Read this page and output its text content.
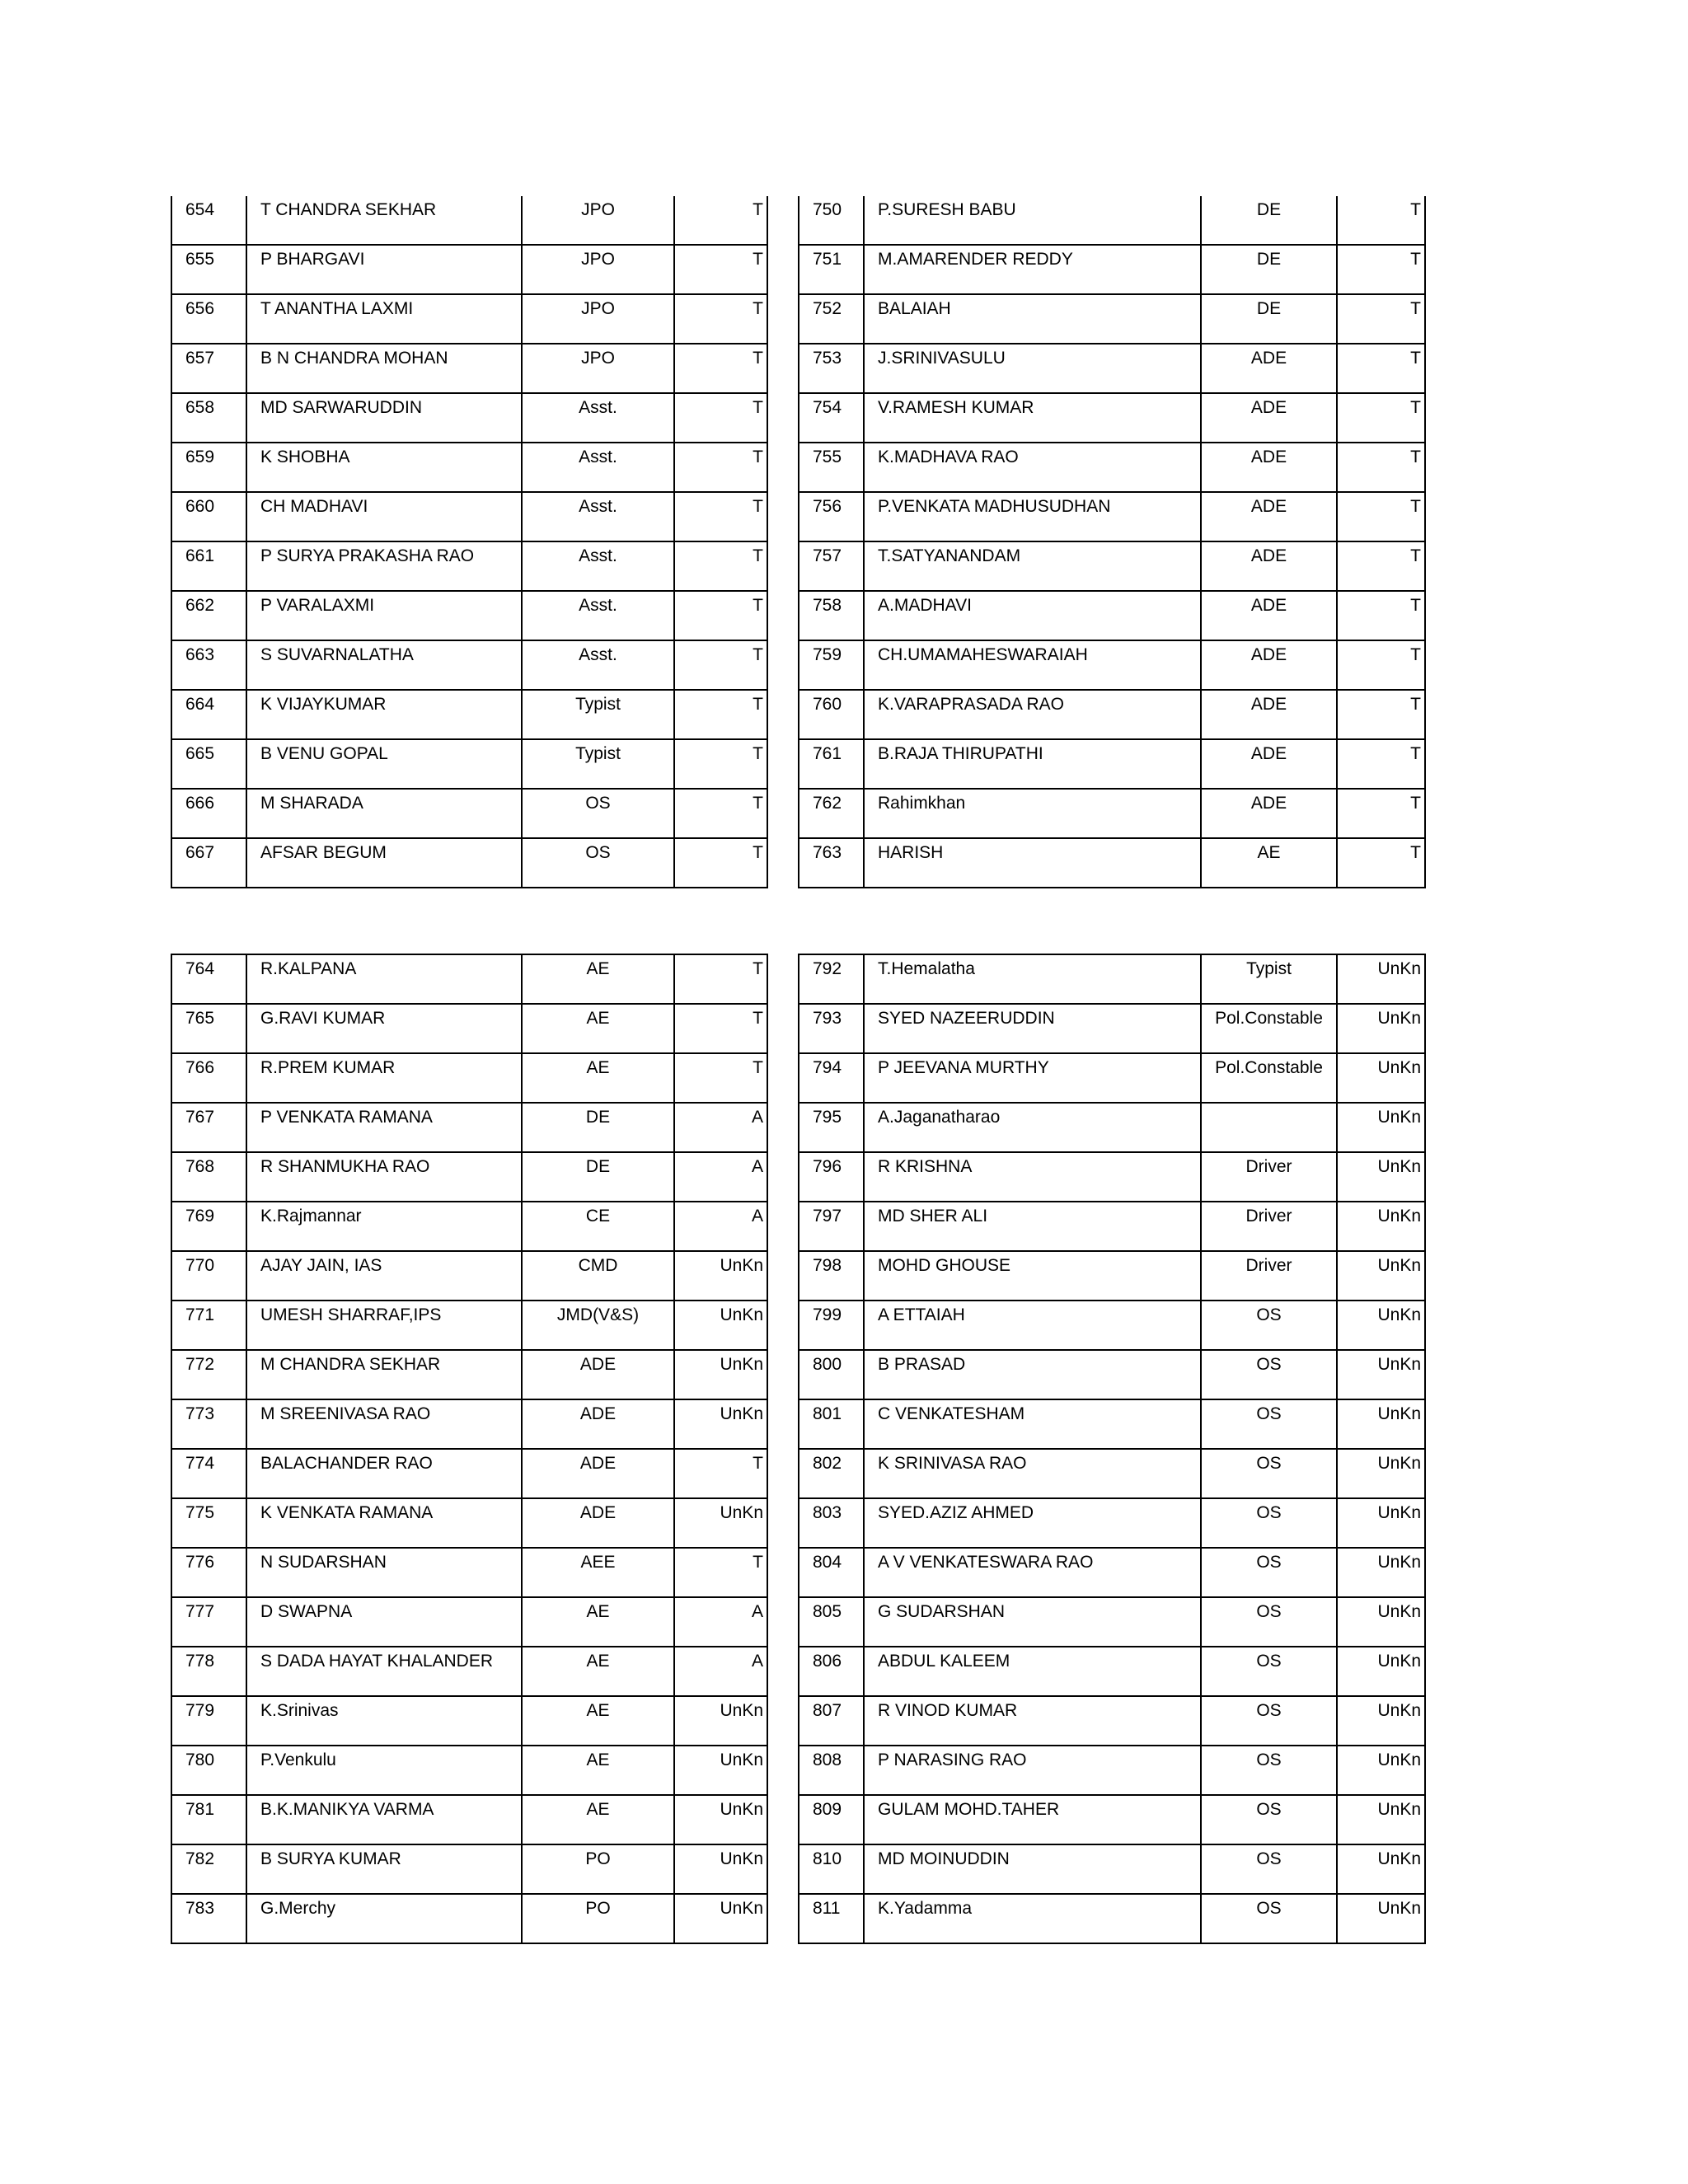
654	T CHANDRA SEKHAR	JPO	T

655	P BHARGAVI	JPO	T

656	T ANANTHA LAXMI	JPO	T

657	B N CHANDRA MOHAN	JPO	T

658	MD SARWARUDDIN	Asst.	T

659	K SHOBHA	Asst.	T

660	CH MADHAVI	Asst.	T

661	P SURYA PRAKASHA RAO	Asst.	T

662	P VARALAXMI	Asst.	T

663	S SUVARNALATHA	Asst.	T

664	K VIJAYKUMAR	Typist	T

665	B VENU GOPAL	Typist	T

666	M SHARADA	OS	T

667	AFSAR BEGUM	OS	T
750	P.SURESH BABU	DE	T

751	M.AMARENDER REDDY	DE	T

752	BALAIAH	DE	T

753	J.SRINIVASULU	ADE	T

754	V.RAMESH KUMAR	ADE	T

755	K.MADHAVA RAO	ADE	T

756	P.VENKATA MADHUSUDHAN	ADE	T

757	T.SATYANANDAM	ADE	T

758	A.MADHAVI	ADE	T

759	CH.UMAMAHESWARAIAH	ADE	T

760	K.VARAPRASADA RAO	ADE	T

761	B.RAJA THIRUPATHI	ADE	T

762	Rahimkhan	ADE	T

763	HARISH	AE	T
764	R.KALPANA	AE	T

765	G.RAVI KUMAR	AE	T

766	R.PREM KUMAR	AE	T

767	P VENKATA RAMANA	DE	A

768	R SHANMUKHA RAO	DE	A

769	K.Rajmannar	CE	A

770	AJAY JAIN, IAS	CMD	UnKn

771	UMESH SHARRAF,IPS	JMD(V&S)	UnKn

772	M CHANDRA SEKHAR	ADE	UnKn

773	M SREENIVASA RAO	ADE	UnKn

774	BALACHANDER RAO	ADE	T

775	K VENKATA RAMANA	ADE	UnKn

776	N SUDARSHAN	AEE	T

777	D SWAPNA	AE	A

778	S DADA HAYAT KHALANDER	AE	A

779	K.Srinivas	AE	UnKn

780	P.Venkulu	AE	UnKn

781	B.K.MANIKYA VARMA	AE	UnKn

782	B SURYA KUMAR	PO	UnKn

783	G.Merchy	PO	UnKn
792	T.Hemalatha	Typist	UnKn

793	SYED NAZEERUDDIN	Pol.Constable	UnKn

794	P JEEVANA MURTHY	Pol.Constable	UnKn

795	A.Jaganatharao		UnKn

796	R KRISHNA	Driver	UnKn

797	MD SHER ALI	Driver	UnKn

798	MOHD GHOUSE	Driver	UnKn

799	A ETTAIAH	OS	UnKn

800	B PRASAD	OS	UnKn

801	C VENKATESHAM	OS	UnKn

802	K SRINIVASA RAO	OS	UnKn

803	SYED.AZIZ AHMED	OS	UnKn

804	A V VENKATESWARA RAO	OS	UnKn

805	G SUDARSHAN	OS	UnKn

806	ABDUL KALEEM	OS	UnKn

807	R VINOD KUMAR	OS	UnKn

808	P NARASING RAO	OS	UnKn

809	GULAM MOHD.TAHER	OS	UnKn

810	MD MOINUDDIN	OS	UnKn

811	K.Yadamma	OS	UnKn
